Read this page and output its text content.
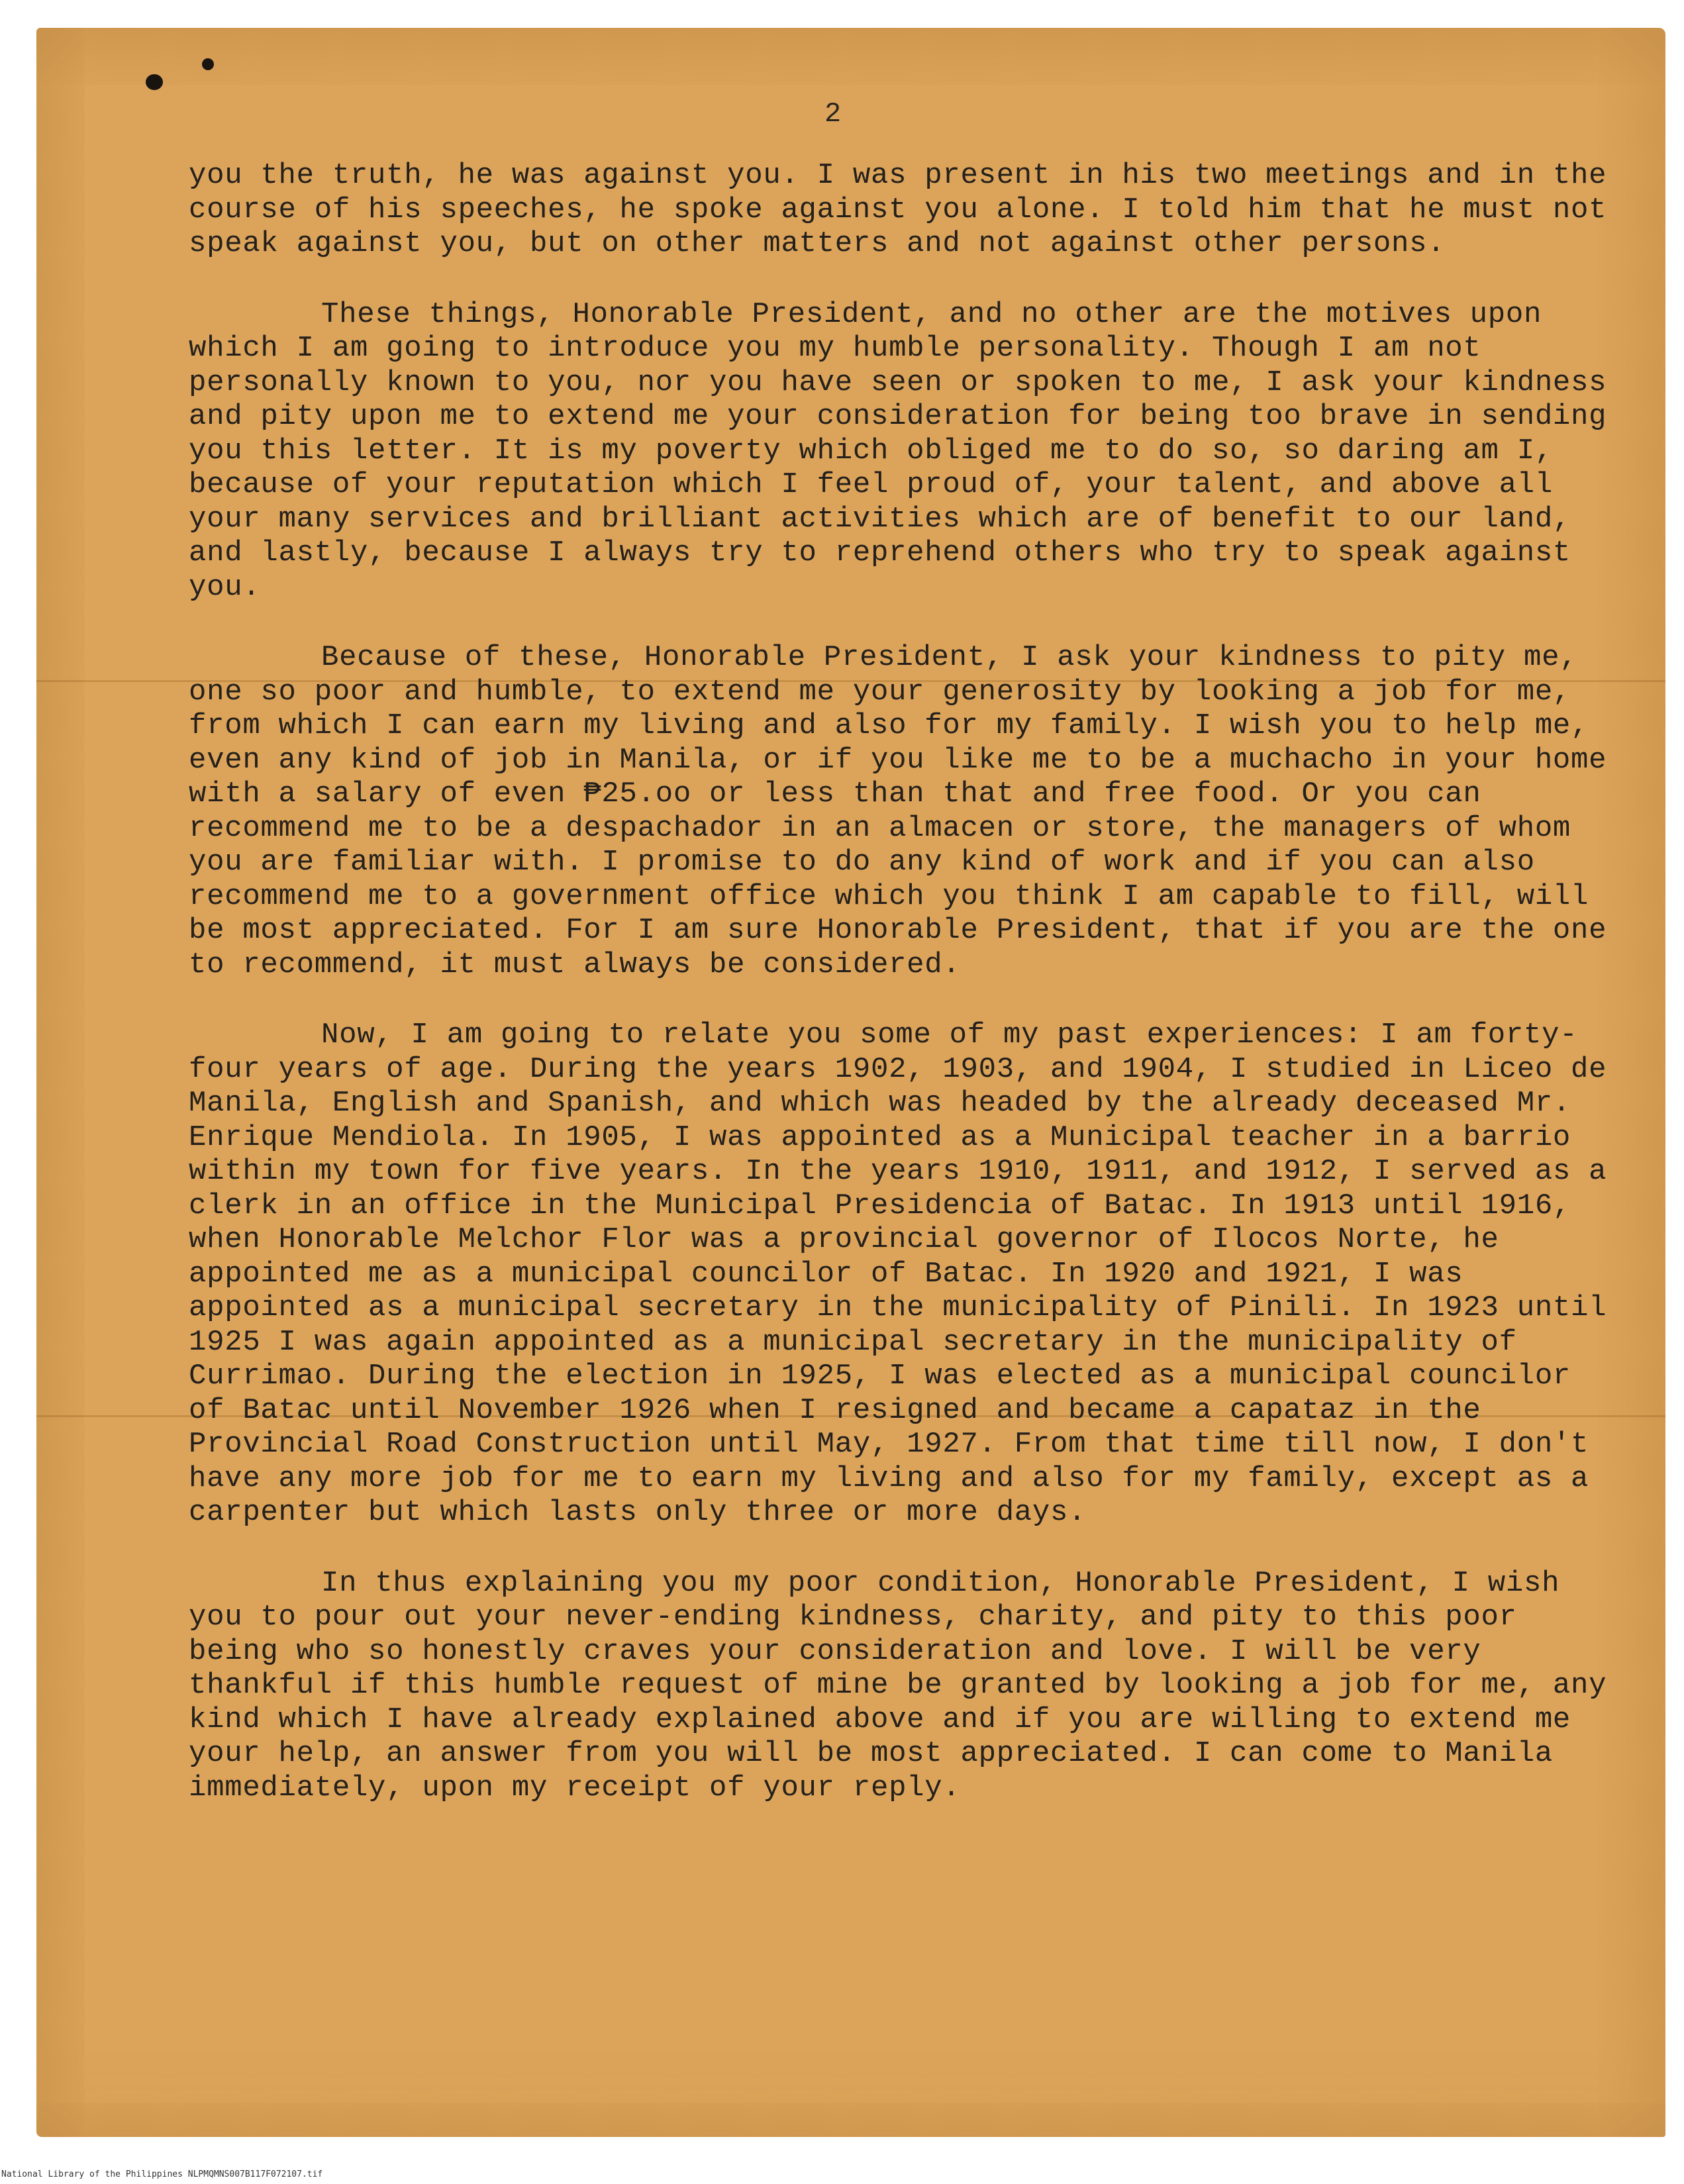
2

you the truth, he was against you. I was present in his two meetings and in the course of his speeches, he spoke against you alone. I told him that he must not speak against you, but on other matters and not against other persons.

These things, Honorable President, and no other are the motives upon which I am going to introduce you my humble personality. Though I am not personally known to you, nor you have seen or spoken to me, I ask your kindness and pity upon me to extend me your consideration for being too brave in sending you this letter. It is my poverty which obliged me to do so, so daring am I, because of your reputation which I feel proud of, your talent, and above all your many services and brilliant activities which are of benefit to our land, and lastly, because I always try to reprehend others who try to speak against you.

Because of these, Honorable President, I ask your kindness to pity me, one so poor and humble, to extend me your generosity by looking a job for me, from which I can earn my living and also for my family. I wish you to help me, even any kind of job in Manila, or if you like me to be a muchacho in your home with a salary of even ₱25.oo or less than that and free food. Or you can recommend me to be a despachador in an almacen or store, the managers of whom you are familiar with. I promise to do any kind of work and if you can also recommend me to a government office which you think I am capable to fill, will be most appreciated. For I am sure Honorable President, that if you are the one to recommend, it must always be considered.

Now, I am going to relate you some of my past experiences: I am forty-four years of age. During the years 1902, 1903, and 1904, I studied in Liceo de Manila, English and Spanish, and which was headed by the already deceased Mr. Enrique Mendiola. In 1905, I was appointed as a Municipal teacher in a barrio within my town for five years. In the years 1910, 1911, and 1912, I served as a clerk in an office in the Municipal Presidencia of Batac. In 1913 until 1916, when Honorable Melchor Flor was a provincial governor of Ilocos Norte, he appointed me as a municipal councilor of Batac. In 1920 and 1921, I was appointed as a municipal secretary in the municipality of Pinili. In 1923 until 1925 I was again appointed as a municipal secretary in the municipality of Currimao. During the election in 1925, I was elected as a municipal councilor of Batac until November 1926 when I resigned and became a capataz in the Provincial Road Construction until May, 1927. From that time till now, I don't have any more job for me to earn my living and also for my family, except as a carpenter but which lasts only three or more days.

In thus explaining you my poor condition, Honorable President, I wish you to pour out your never-ending kindness, charity, and pity to this poor being who so honestly craves your consideration and love. I will be very thankful if this humble request of mine be granted by looking a job for me, any kind which I have already explained above and if you are willing to extend me your help, an answer from you will be most appreciated. I can come to Manila immediately, upon my receipt of your reply.

National Library of the Philippines NLPMQMNS007B117F072107.tif
